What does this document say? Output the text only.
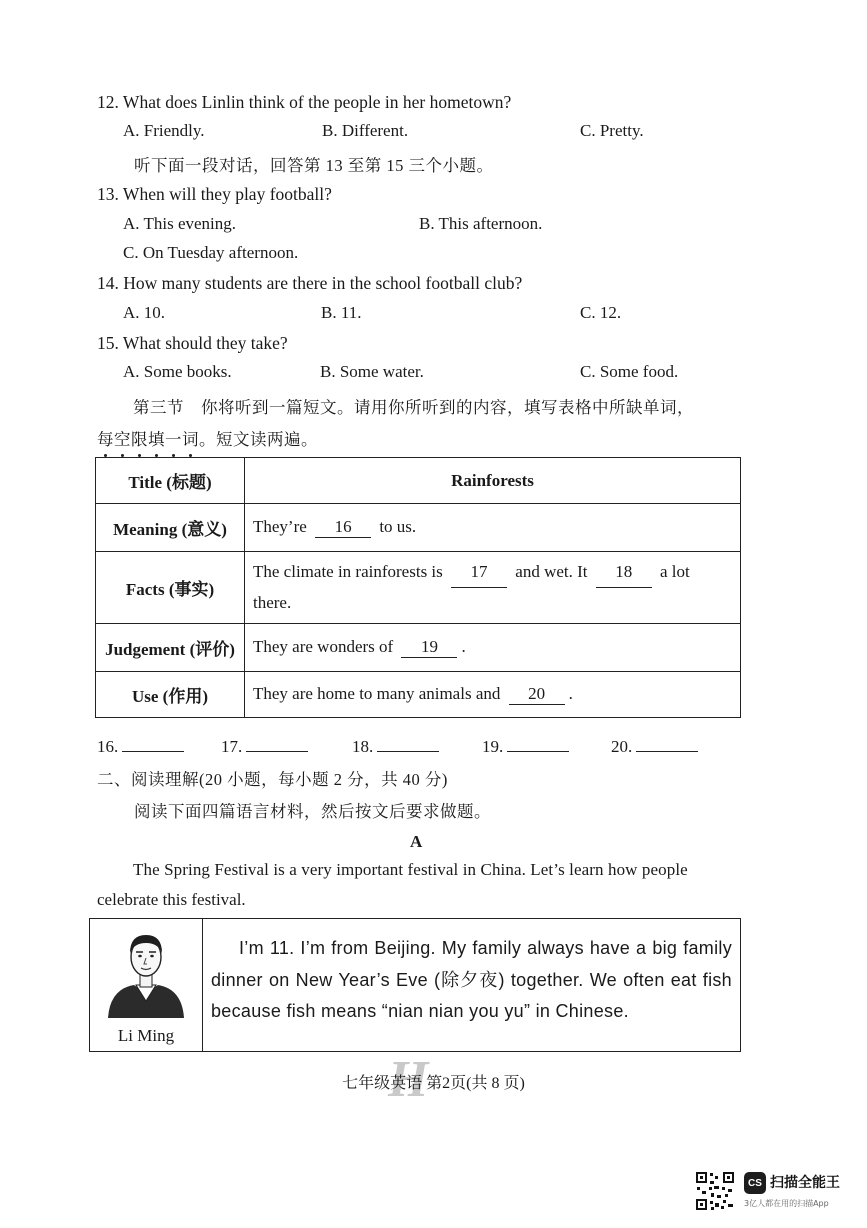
12. What does Linlin think of the people in her hometown?
A. Friendly.	B. Different.	C. Pretty.
听下面一段对话，回答第 13 至第 15 三个小题。
13. When will they play football?
A. This evening.	B. This afternoon.
C. On Tuesday afternoon.
14. How many students are there in the school football club?
A. 10.	B. 11.	C. 12.
15. What should they take?
A. Some books.	B. Some water.	C. Some food.
第三节　你将听到一篇短文。请用你所听到的内容，填写表格中所缺单词，
每空限填一词。短文读两遍。
Title (标题)	Rainforests
Meaning (意义)	They’re 16 to us.
Facts (事实)	The climate in rainforests is 17 and wet. It 18 a lot
there.
Judgement (评价)	They are wonders of 19 .
Use (作用)	They are home to many animals and 20 .
16.	17.	18.	19.	20.
二、阅读理解(20 小题，每小题 2 分，共 40 分)
阅读下面四篇语言材料，然后按文后要求做题。
A
The Spring Festival is a very important festival in China. Let’s learn how people
celebrate this festival.
Li Ming

I’m 11. I’m from Beijing. My family always have a big family dinner on New Year’s Eve (除夕夜) together. We often eat fish because fish means “nian nian you yu” in Chinese.

H
七年级英语 第2页(共 8 页)
CS 扫描全能王
3亿人都在用的扫描App
